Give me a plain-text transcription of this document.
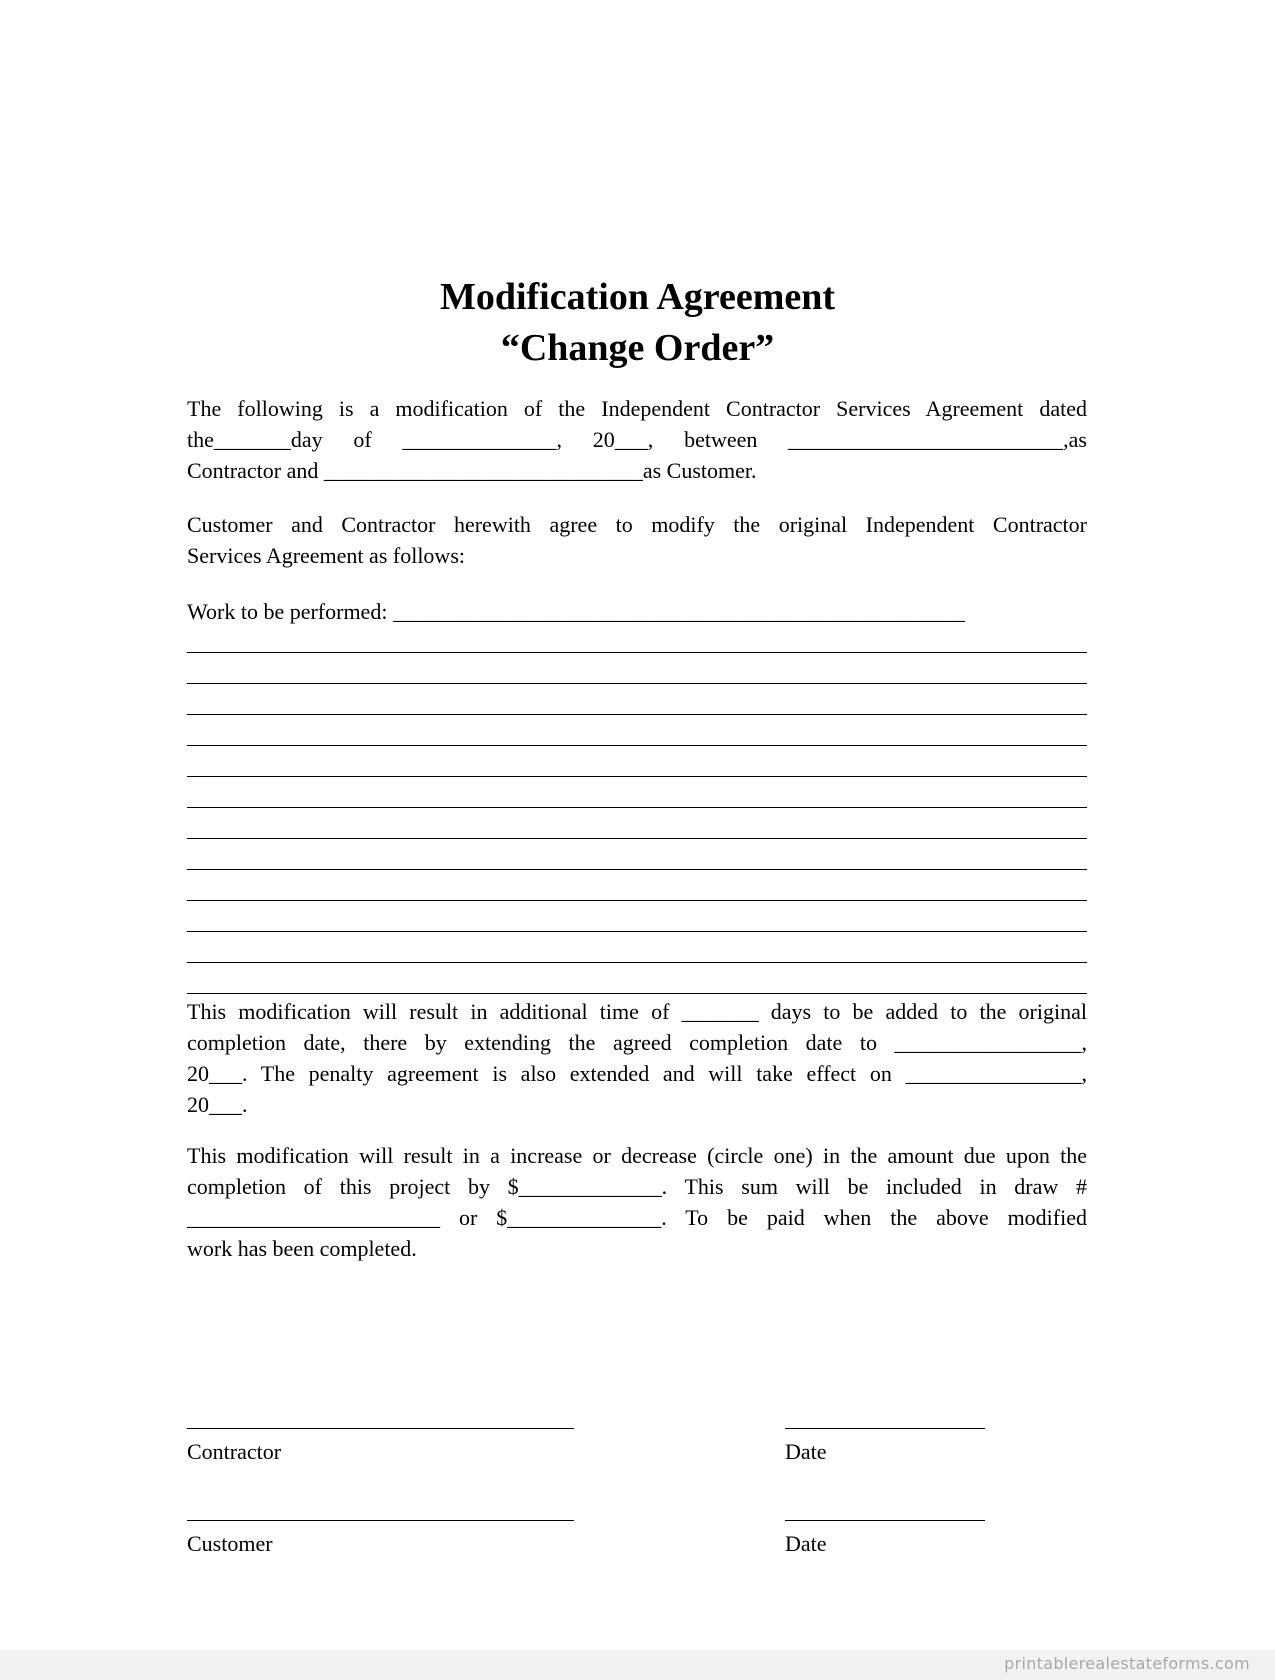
Modification Agreement
“Change Order”
The following is a modification of the Independent Contractor Services Agreement dated
the_______day of ______________, 20___, between _________________________,as
Contractor and _____________________________as Customer.
Customer and Contractor herewith agree to modify the original Independent Contractor
Services Agreement as follows:
Work to be performed: ____________________________________________________
This modification will result in additional time of _______ days to be added to the original
completion date, there by extending the agreed completion date to _________________,
20___. The penalty agreement is also extended and will take effect on ________________,
20___.
This modification will result in a increase or decrease (circle one) in the amount due upon the
completion of this project by $_____________. This sum will be included in draw #
_______________________ or $______________. To be paid when the above modified
work has been completed.
Contractor	Date
Customer	Date
printablerealestateforms.com
